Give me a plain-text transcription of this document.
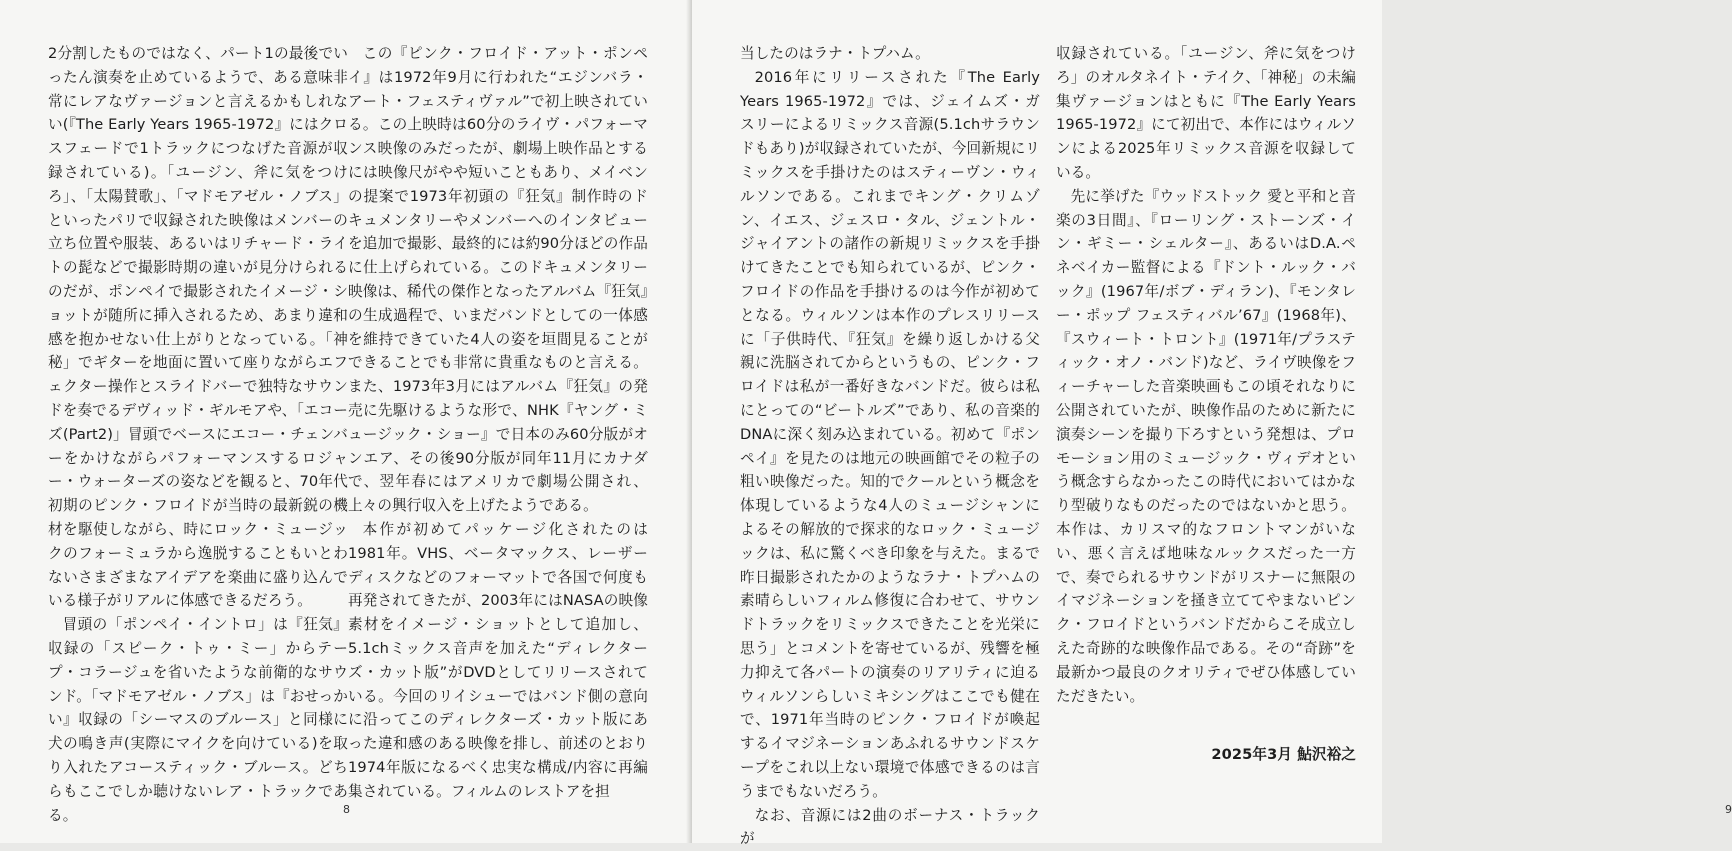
2分割したものではなく、パート1の最後でいったん演奏を止めているようで、ある意味非常にレアなヴァージョンと言えるかもしれない(『The Early Years 1965-1972』にはクロスフェードで1トラックにつなげた音源が収録されている)。「ユージン、斧に気をつけろ」、「太陽賛歌」、「マドモアゼル・ノブス」といったパリで収録された映像はメンバーの立ち位置や服装、あるいはリチャード・ライトの髭などで撮影時期の違いが見分けられるのだが、ポンペイで撮影されたイメージ・ショットが随所に挿入されるため、あまり違和感を抱かせない仕上がりとなっている。「神秘」でギターを地面に置いて座りながらエフェクター操作とスライドバーで独特なサウンドを奏でるデヴィッド・ギルモアや、「エコーズ(Part2)」冒頭でベースにエコー・チェンバーをかけながらパフォーマンスするロジャー・ウォーターズの姿などを観ると、70年代初期のピンク・フロイドが当時の最新鋭の機材を駆使しながら、時にロック・ミュージックのフォーミュラから逸脱することもいとわないさまざまなアイデアを楽曲に盛り込んでいる様子がリアルに体感できるだろう。

冒頭の「ポンペイ・イントロ」は『狂気』収録の「スピーク・トゥ・ミー」からテープ・コラージュを省いたような前衛的なサウンド。「マドモアゼル・ノブス」は『おせっかい』収録の「シーマスのブルース」と同様に犬の鳴き声(実際にマイクを向けている)を取り入れたアコースティック・ブルース。どちらもここでしか聴けないレア・トラックである。

この『ピンク・フロイド・アット・ポンペイ』は1972年9月に行われた“エジンバラ・アート・フェスティヴァル”で初上映されている。この上映時は60分のライヴ・パフォーマンス映像のみだったが、劇場上映作品とするには映像尺がやや短いこともあり、メイベンの提案で1973年初頭の『狂気』制作時のドキュメンタリーやメンバーへのインタビューを追加で撮影、最終的には約90分ほどの作品に仕上げられている。このドキュメンタリー映像は、稀代の傑作となったアルバム『狂気』の生成過程で、いまだバンドとしての一体感を維持できていた4人の姿を垣間見ることができることでも非常に貴重なものと言える。また、1973年3月にはアルバム『狂気』の発売に先駆けるような形で、NHK『ヤング・ミュージック・ショー』で日本のみ60分版がオンエア、その後90分版が同年11月にカナダで、翌年春にはアメリカで劇場公開され、上々の興行収入を上げたようである。

本作が初めてパッケージ化されたのは1981年。VHS、ベータマックス、レーザーディスクなどのフォーマットで各国で何度も再発されてきたが、2003年にはNASAの映像素材をイメージ・ショットとして追加し、5.1chミックス音声を加えた“ディレクターズ・カット版”がDVDとしてリリースされている。今回のリイシューではバンド側の意向に沿ってこのディレクターズ・カット版にあった違和感のある映像を排し、前述のとおり1974年版になるべく忠実な構成/内容に再編集されている。フィルムのレストアを担

8	9

当したのはラナ・トプハム。

2016年にリリースされた『The Early Years 1965-1972』では、ジェイムズ・ガスリーによるリミックス音源(5.1chサラウンドもあり)が収録されていたが、今回新規にリミックスを手掛けたのはスティーヴン・ウィルソンである。これまでキング・クリムゾン、イエス、ジェスロ・タル、ジェントル・ジャイアントの諸作の新規リミックスを手掛けてきたことでも知られているが、ピンク・フロイドの作品を手掛けるのは今作が初めてとなる。ウィルソンは本作のプレスリリースに「子供時代、『狂気』を繰り返しかける父親に洗脳されてからというもの、ピンク・フロイドは私が一番好きなバンドだ。彼らは私にとっての“ビートルズ”であり、私の音楽的DNAに深く刻み込まれている。初めて『ポンペイ』を見たのは地元の映画館でその粒子の粗い映像だった。知的でクールという概念を体現しているような4人のミュージシャンによるその解放的で探求的なロック・ミュージックは、私に驚くべき印象を与えた。まるで昨日撮影されたかのようなラナ・トプハムの素晴らしいフィルム修復に合わせて、サウンドトラックをリミックスできたことを光栄に思う」とコメントを寄せているが、残響を極力抑えて各パートの演奏のリアリティに迫るウィルソンらしいミキシングはここでも健在で、1971年当時のピンク・フロイドが喚起するイマジネーションあふれるサウンドスケープをこれ以上ない環境で体感できるのは言うまでもないだろう。

なお、音源には2曲のボーナス・トラックが

収録されている。「ユージン、斧に気をつけろ」のオルタネイト・テイク、「神秘」の未編集ヴァージョンはともに『The Early Years 1965-1972』にて初出で、本作にはウィルソンによる2025年リミックス音源を収録している。

先に挙げた『ウッドストック 愛と平和と音楽の3日間』、『ローリング・ストーンズ・イン・ギミー・シェルター』、あるいはD.A.ペネベイカー監督による『ドント・ルック・バック』(1967年/ボブ・ディラン)、『モンタレー・ポップ フェスティバル’67』(1968年)、『スウィート・トロント』(1971年/プラスティック・オノ・バンド)など、ライヴ映像をフィーチャーした音楽映画もこの頃それなりに公開されていたが、映像作品のために新たに演奏シーンを撮り下ろすという発想は、プロモーション用のミュージック・ヴィデオという概念すらなかったこの時代においてはかなり型破りなものだったのではないかと思う。本作は、カリスマ的なフロントマンがいない、悪く言えば地味なルックスだった一方で、奏でられるサウンドがリスナーに無限のイマジネーションを掻き立ててやまないピンク・フロイドというバンドだからこそ成立しえた奇跡的な映像作品である。その“奇跡”を最新かつ最良のクオリティでぜひ体感していただきたい。

2025年3月 鮎沢裕之
